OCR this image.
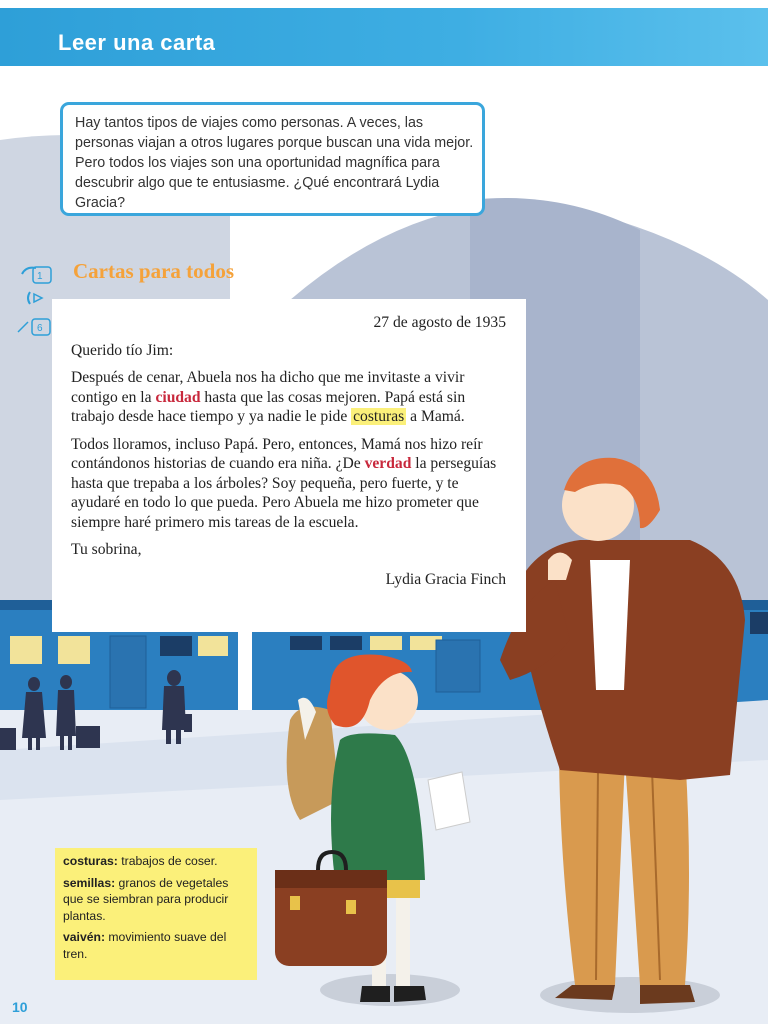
Leer una carta
Hay tantos tipos de viajes como personas. A veces, las personas viajan a otros lugares porque buscan una vida mejor. Pero todos los viajes son una oportunidad magnífica para descubrir algo que te entusiasme. ¿Qué encontrará Lydia Gracia?
1
6
Cartas para todos
27 de agosto de 1935
Querido tío Jim:
Después de cenar, Abuela nos ha dicho que me invitaste a vivir contigo en la ciudad hasta que las cosas mejoren. Papá está sin trabajo desde hace tiempo y ya nadie le pide costuras a Mamá.
Todos lloramos, incluso Papá. Pero, entonces, Mamá nos hizo reír contándonos historias de cuando era niña. ¿De verdad la perseguías hasta que trepaba a los árboles? Soy pequeña, pero fuerte, y te ayudaré en todo lo que pueda. Pero Abuela me hizo prometer que siempre haré primero mis tareas de la escuela.
Tu sobrina,
Lydia Gracia Finch
costuras: trabajos de coser.
semillas: granos de vegetales que se siembran para producir plantas.
vaivén: movimiento suave del tren.
10
